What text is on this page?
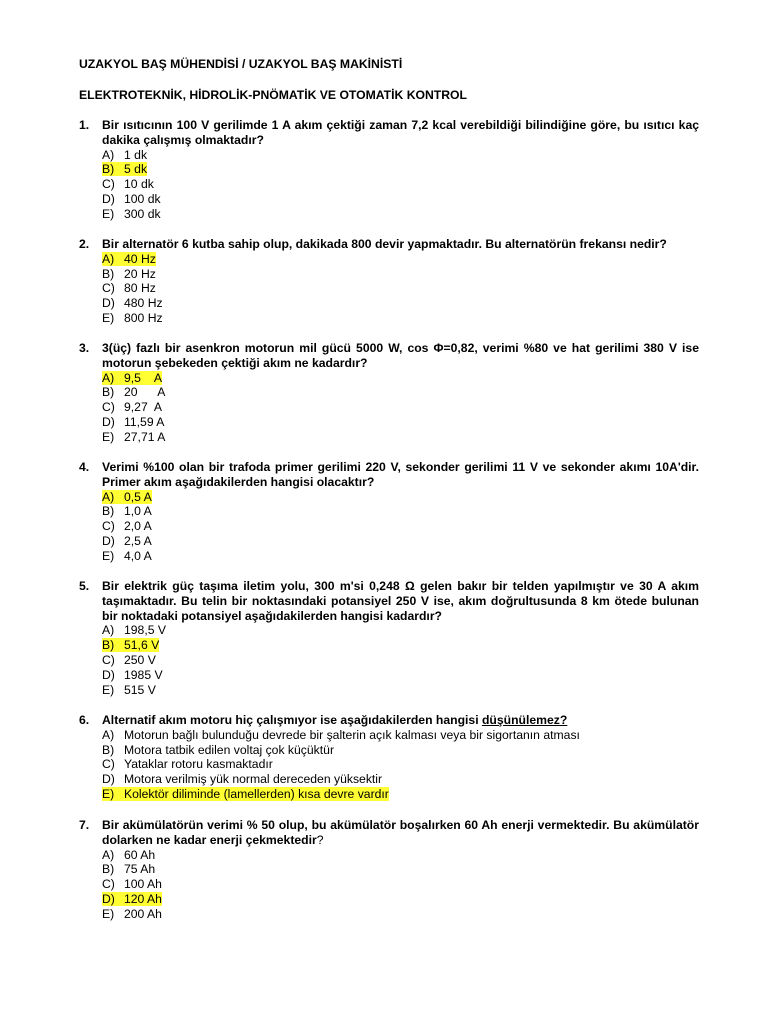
UZAKYOL BAŞ MÜHENDİSİ / UZAKYOL BAŞ MAKİNİSTİ
ELEKTROTEKNİK, HİDROLİK-PNÖMATİK VE OTOMATİK KONTROL
1.	Bir ısıtıcının 100 V gerilimde 1 A akım çektiği zaman 7,2 kcal verebildiği bilindiğine göre, bu ısıtıcı kaç dakika çalışmış olmaktadır?
A) 1 dk
B) 5 dk
C) 10 dk
D) 100 dk
E) 300 dk
2.	Bir alternatör 6 kutba sahip olup, dakikada 800 devir yapmaktadır. Bu alternatörün frekansı nedir?
A) 40 Hz
B) 20 Hz
C) 80 Hz
D) 480 Hz
E) 800 Hz
3.	3(üç) fazlı bir asenkron motorun mil gücü 5000 W, cos Φ=0,82, verimi %80 ve hat gerilimi 380 V ise motorun şebekeden çektiği akım ne kadardır?
A) 9,5    A
B) 20      A
C) 9,27  A
D) 11,59 A
E) 27,71 A
4.	Verimi %100 olan bir trafoda primer gerilimi 220 V, sekonder gerilimi 11 V ve sekonder akımı 10A'dir. Primer akım aşağıdakilerden hangisi olacaktır?
A) 0,5 A
B) 1,0 A
C) 2,0 A
D) 2,5 A
E) 4,0 A
5.	Bir elektrik güç taşıma iletim yolu, 300 m'si 0,248 Ω gelen bakır bir telden yapılmıştır ve 30 A akım taşımaktadır. Bu telin bir noktasındaki potansiyel 250 V ise, akım doğrultusunda 8 km ötede bulunan bir noktadaki potansiyel aşağıdakilerden hangisi kadardır?
A) 198,5 V
B) 51,6 V
C) 250 V
D) 1985 V
E) 515 V
6.	Alternatif akım motoru hiç çalışmıyor ise aşağıdakilerden hangisi düşünülemez?
A) Motorun bağlı bulunduğu devrede bir şalterin açık kalması veya bir sigortanın atması
B) Motora tatbik edilen voltaj çok küçüktür
C) Yataklar rotoru kasmaktadır
D) Motora verilmiş yük normal dereceden yüksektir
E) Kolektör diliminde (lamellerden) kısa devre vardır
7.	Bir akümülatörün verimi % 50 olup, bu akümülatör boşalırken 60 Ah enerji vermektedir. Bu akümülatör dolarken ne kadar enerji çekmektedir?
A) 60 Ah
B) 75 Ah
C) 100 Ah
D) 120 Ah
E) 200 Ah
